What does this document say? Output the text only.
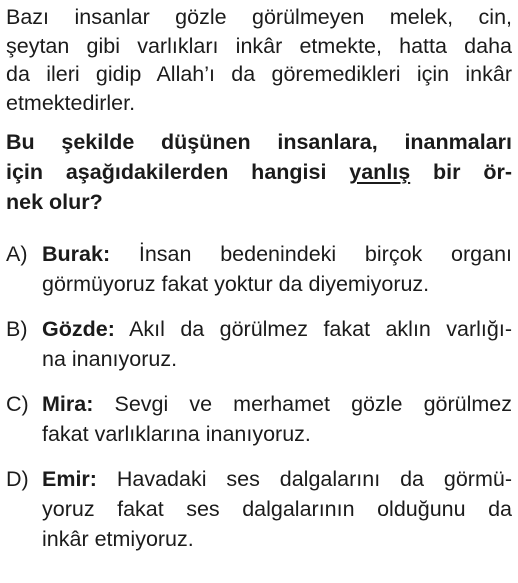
Bazı insanlar gözle görülmeyen melek, cin,
şeytan gibi varlıkları inkâr etmekte, hatta daha
da ileri gidip Allah’ı da göremedikleri için inkâr
etmektedirler.
Bu şekilde düşünen insanlara, inanmaları
için aşağıdakilerden hangisi yanlış bir ör-
nek olur?
A) Burak: İnsan bedenindeki birçok organı
görmüyoruz fakat yoktur da diyemiyoruz.
B) Gözde: Akıl da görülmez fakat aklın varlığı-
na inanıyoruz.
C) Mira: Sevgi ve merhamet gözle görülmez
fakat varlıklarına inanıyoruz.
D) Emir: Havadaki ses dalgalarını da görmü-
yoruz fakat ses dalgalarının olduğunu da
inkâr etmiyoruz.
